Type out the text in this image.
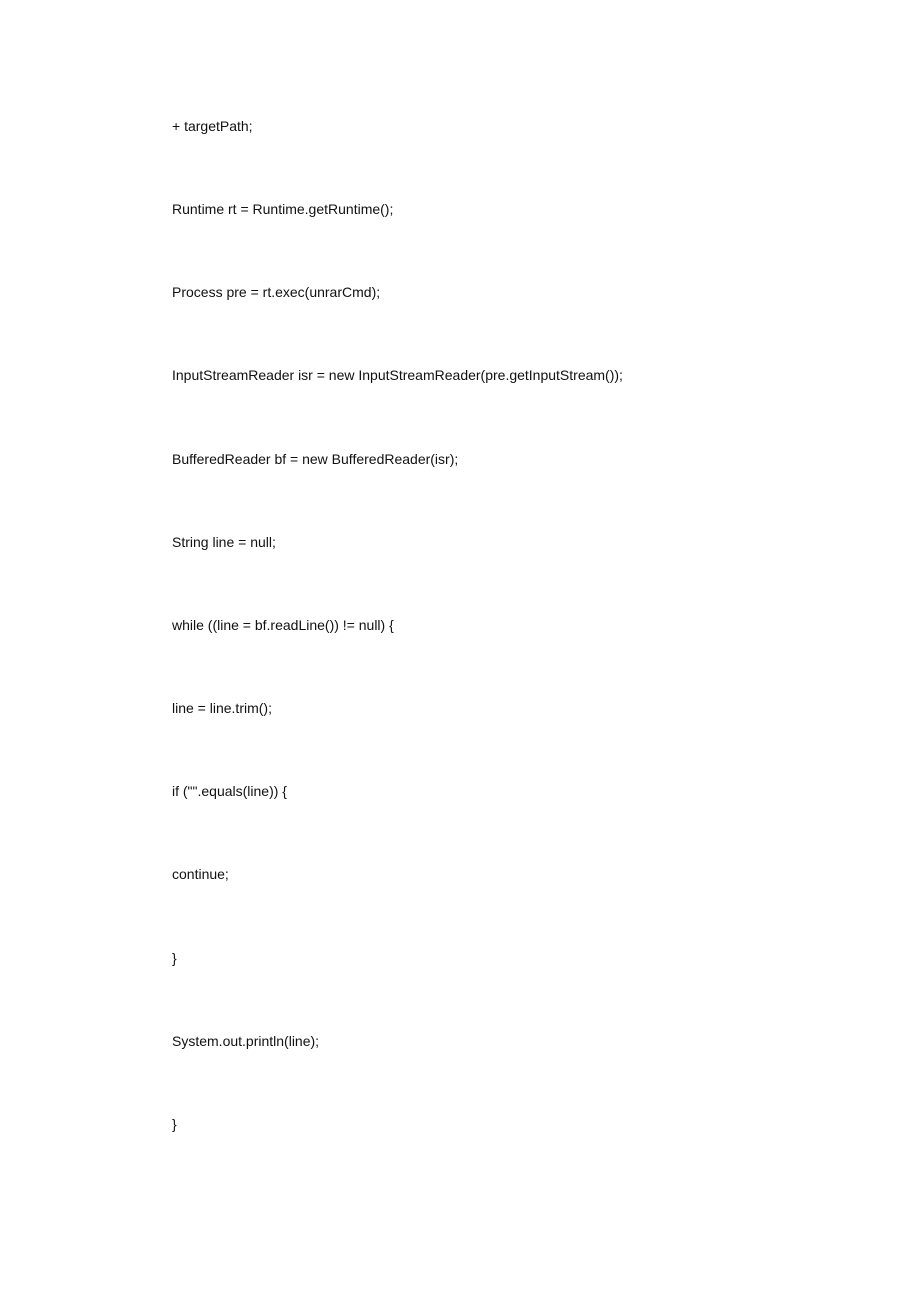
+ targetPath;
Runtime rt = Runtime.getRuntime();
Process pre = rt.exec(unrarCmd);
InputStreamReader isr = new InputStreamReader(pre.getInputStream());
BufferedReader bf = new BufferedReader(isr);
String line = null;
while ((line = bf.readLine()) != null) {
line = line.trim();
if ("".equals(line)) {
continue;
}
System.out.println(line);
}
